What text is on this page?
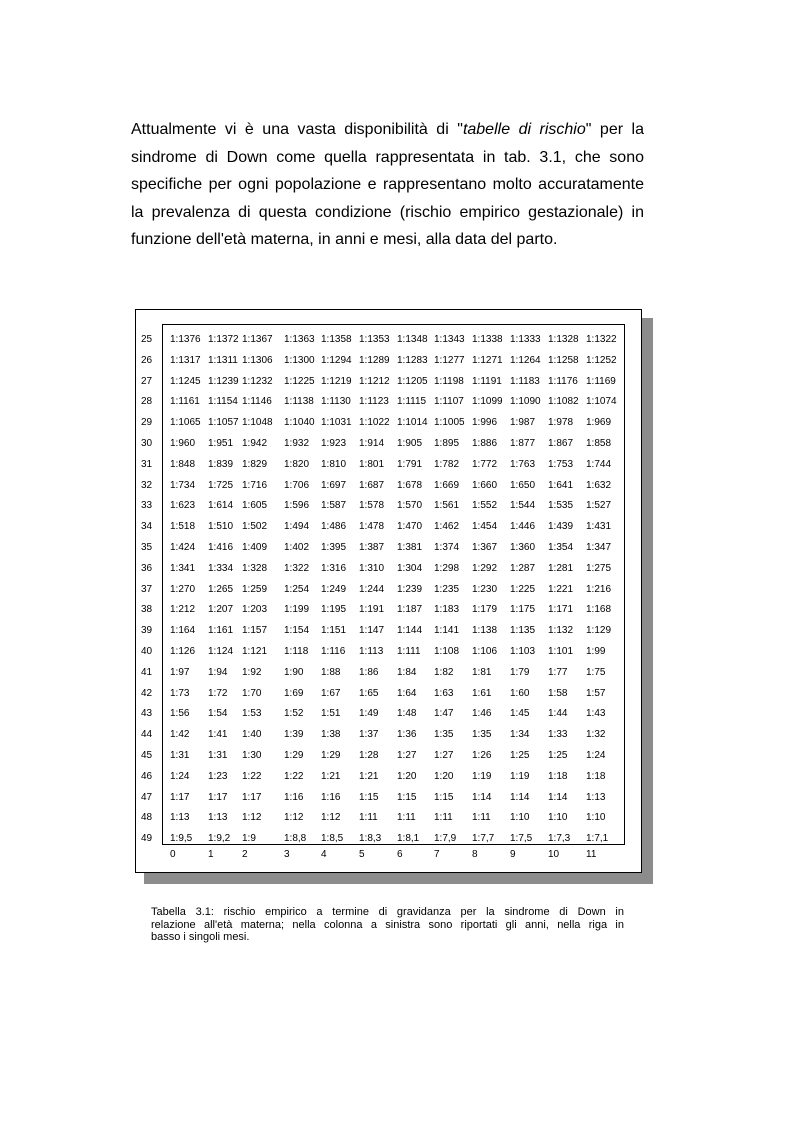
Attualmente vi è una vasta disponibilità di "tabelle di rischio" per la
sindrome di Down come quella rappresentata in tab. 3.1, che sono
specifiche per ogni popolazione e rappresentano molto accuratamente
la prevalenza di questa condizione (rischio empirico gestazionale) in
funzione dell'età materna, in anni e mesi, alla data del parto.

25 1:1376 1:1372 1:1367 1:1363 1:1358 1:1353 1:1348 1:1343 1:1338 1:1333 1:1328 1:1322
26 1:1317 1:1311 1:1306 1:1300 1:1294 1:1289 1:1283 1:1277 1:1271 1:1264 1:1258 1:1252
27 1:1245 1:1239 1:1232 1:1225 1:1219 1:1212 1:1205 1:1198 1:1191 1:1183 1:1176 1:1169
28 1:1161 1:1154 1:1146 1:1138 1:1130 1:1123 1:1115 1:1107 1:1099 1:1090 1:1082 1:1074
29 1:1065 1:1057 1:1048 1:1040 1:1031 1:1022 1:1014 1:1005 1:996 1:987 1:978 1:969
30 1:960 1:951 1:942 1:932 1:923 1:914 1:905 1:895 1:886 1:877 1:867 1:858
31 1:848 1:839 1:829 1:820 1:810 1:801 1:791 1:782 1:772 1:763 1:753 1:744
32 1:734 1:725 1:716 1:706 1:697 1:687 1:678 1:669 1:660 1:650 1:641 1:632
33 1:623 1:614 1:605 1:596 1:587 1:578 1:570 1:561 1:552 1:544 1:535 1:527
34 1:518 1:510 1:502 1:494 1:486 1:478 1:470 1:462 1:454 1:446 1:439 1:431
35 1:424 1:416 1:409 1:402 1:395 1:387 1:381 1:374 1:367 1:360 1:354 1:347
36 1:341 1:334 1:328 1:322 1:316 1:310 1:304 1:298 1:292 1:287 1:281 1:275
37 1:270 1:265 1:259 1:254 1:249 1:244 1:239 1:235 1:230 1:225 1:221 1:216
38 1:212 1:207 1:203 1:199 1:195 1:191 1:187 1:183 1:179 1:175 1:171 1:168
39 1:164 1:161 1:157 1:154 1:151 1:147 1:144 1:141 1:138 1:135 1:132 1:129
40 1:126 1:124 1:121 1:118 1:116 1:113 1:111 1:108 1:106 1:103 1:101 1:99
41 1:97 1:94 1:92 1:90 1:88 1:86 1:84 1:82 1:81 1:79 1:77 1:75
42 1:73 1:72 1:70 1:69 1:67 1:65 1:64 1:63 1:61 1:60 1:58 1:57
43 1:56 1:54 1:53 1:52 1:51 1:49 1:48 1:47 1:46 1:45 1:44 1:43
44 1:42 1:41 1:40 1:39 1:38 1:37 1:36 1:35 1:35 1:34 1:33 1:32
45 1:31 1:31 1:30 1:29 1:29 1:28 1:27 1:27 1:26 1:25 1:25 1:24
46 1:24 1:23 1:22 1:22 1:21 1:21 1:20 1:20 1:19 1:19 1:18 1:18
47 1:17 1:17 1:17 1:16 1:16 1:15 1:15 1:15 1:14 1:14 1:14 1:13
48 1:13 1:13 1:12 1:12 1:12 1:11 1:11 1:11 1:11 1:10 1:10 1:10
49 1:9,5 1:9,2 1:9	1:8,8 1:8,5 1:8,3 1:8,1 1:7,9 1:7,7 1:7,5 1:7,3 1:7,1
0	1	2	3	4	5	6	7	8	9	10	11

Tabella 3.1: rischio empirico a termine di gravidanza per la sindrome di Down in
relazione all'età materna; nella colonna a sinistra sono riportati gli anni, nella riga in
basso i singoli mesi.
